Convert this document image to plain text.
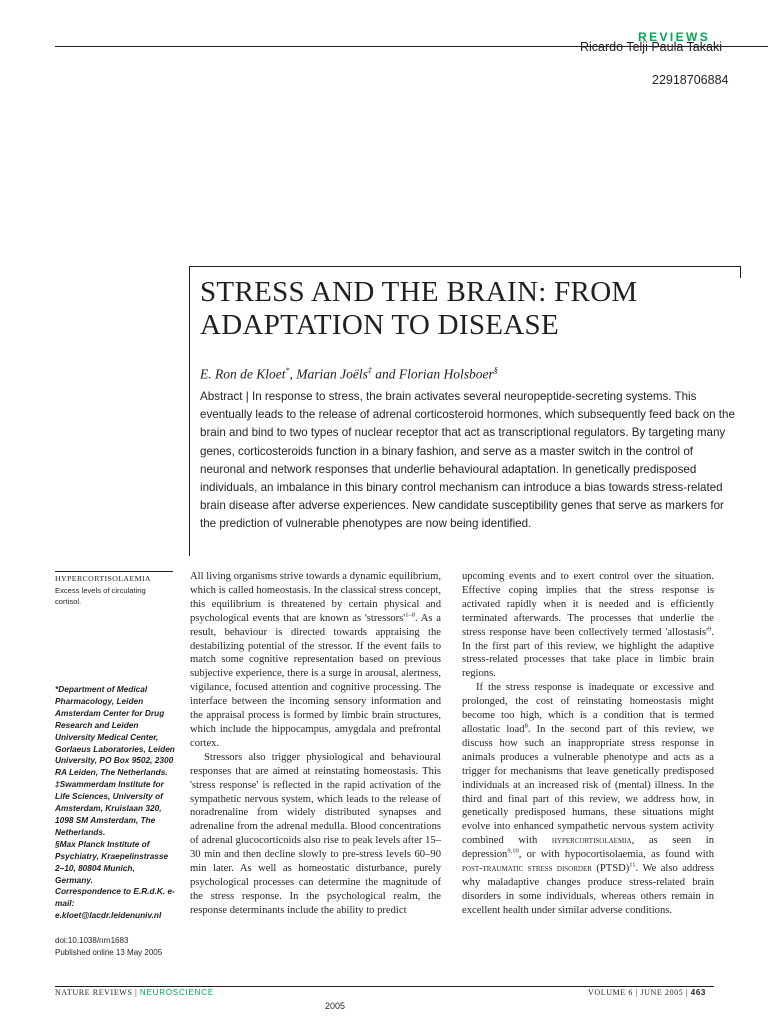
REVIEWS
Ricardo Telji Paula Takaki
22918706884
STRESS AND THE BRAIN: FROM ADAPTATION TO DISEASE
E. Ron de Kloet*, Marian Joëls‡ and Florian Holsboer§
Abstract | In response to stress, the brain activates several neuropeptide-secreting systems. This eventually leads to the release of adrenal corticosteroid hormones, which subsequently feed back on the brain and bind to two types of nuclear receptor that act as transcriptional regulators. By targeting many genes, corticosteroids function in a binary fashion, and serve as a master switch in the control of neuronal and network responses that underlie behavioural adaptation. In genetically predisposed individuals, an imbalance in this binary control mechanism can introduce a bias towards stress-related brain disease after adverse experiences. New candidate susceptibility genes that serve as markers for the prediction of vulnerable phenotypes are now being identified.
HYPERCORTISOLAEMIA
Excess levels of circulating cortisol.
*Department of Medical Pharmacology, Leiden Amsterdam Center for Drug Research and Leiden University Medical Center, Gorlaeus Laboratories, Leiden University, PO Box 9502, 2300 RA Leiden, The Netherlands.
‡Swammerdam Institute for Life Sciences, University of Amsterdam, Kruislaan 320, 1098 SM Amsterdam, The Netherlands.
§Max Planck Institute of Psychiatry, Kraepelinstrasse 2–10, 80804 Munich, Germany.
Correspondence to E.R.d.K. e-mail: e.kloet@lacdr.leidenuniv.nl
doi:10.1038/nrn1683
Published online 13 May 2005

All living organisms strive towards a dynamic equilibrium, which is called homeostasis. In the classical stress concept, this equilibrium is threatened by certain physical and psychological events that are known as '$stressors'^{1-8}$. As a result, behaviour is directed towards appraising the destabilizing potential of the stressor. If the event fails to match some cognitive representation based on previous subjective experience, there is a surge in arousal, alertness, vigilance, focused attention and cognitive processing. The interface between the incoming sensory information and the appraisal process is formed by limbic brain structures, which include the hippocampus, amygdala and prefrontal cortex.

Stressors also trigger physiological and behavioural responses that are aimed at reinstating homeostasis. This 'stress response' is reflected in the rapid activation of the sympathetic nervous system, which leads to the release of noradrenaline from widely distributed synapses and adrenaline from the adrenal medulla. Blood concentrations of adrenal glucocorticoids also rise to peak levels after 15–30 min and then decline slowly to pre-stress levels 60–90 min later. As well as homeostatic disturbance, purely psychological processes can determine the magnitude of the stress response. In the psychological realm, the response determinants include the ability to predict

upcoming events and to exert control over the situation. Effective coping implies that the stress response is activated rapidly when it is needed and is efficiently terminated afterwards. The processes that underlie the stress response have been collectively termed '$allostasis'^9$. In the first part of this review, we highlight the adaptive stress-related processes that take place in limbic brain regions.

If the stress response is inadequate or excessive and prolonged, the cost of reinstating homeostasis might become too high, which is a condition that is termed allostatic load$^8$. In the second part of this review, we discuss how such an inappropriate stress response in animals produces a vulnerable phenotype and acts as a trigger for mechanisms that leave genetically predisposed individuals at an increased risk of (mental) illness. In the third and final part of this review, we address how, in genetically predisposed humans, these situations might evolve into enhanced sympathetic nervous system activity combined with hypercortisolaemia, as seen in depression$^{9,10}$, or with hypocortisolaemia, as found with post-traumatic stress disorder (PTSD)$^{11}$. We also address why maladaptive changes produce stress-related brain disorders in some individuals, whereas others remain in excellent health under similar adverse conditions.

NATURE REVIEWS | NEUROSCIENCE	VOLUME 6 | JUNE 2005 | 463
2005
